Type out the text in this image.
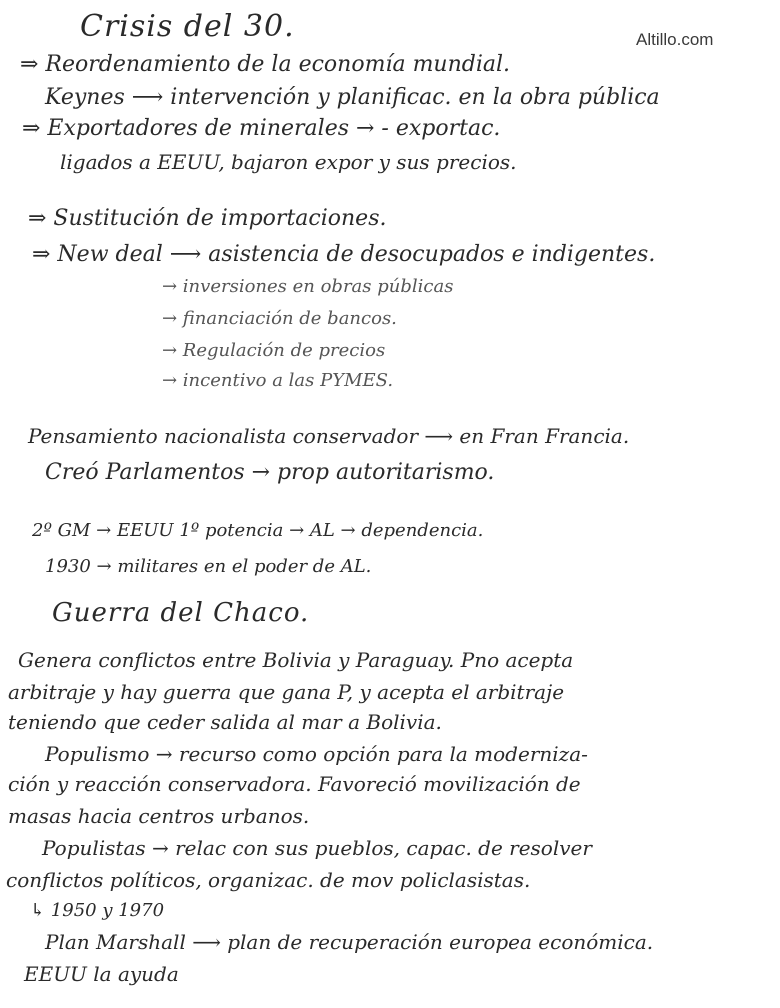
Altillo.com
Crisis del 30.
⇒ Reordenamiento de la economía mundial.
Keynes ⟶ intervención y planificac. en la obra pública
⇒ Exportadores de minerales → - exportac.
ligados a EEUU, bajaron expor y sus precios.
⇒ Sustitución de importaciones.
⇒ New deal ⟶ asistencia de desocupados e indigentes.
→ inversiones en obras públicas
→ financiación de bancos.
→ Regulación de precios
→ incentivo a las PYMES.
Pensamiento nacionalista conservador ⟶ en Fran Francia.
Creó Parlamentos → prop autoritarismo.
2º GM → EEUU 1º potencia → AL → dependencia.
1930 → militares en el poder de AL.
Guerra del Chaco.
Genera conflictos entre Bolivia y Paraguay. Pno acepta
arbitraje y hay guerra que gana P, y acepta el arbitraje
teniendo que ceder salida al mar a Bolivia.
Populismo → recurso como opción para la moderniza-
ción y reacción conservadora. Favoreció movilización de
masas hacia centros urbanos.
Populistas → relac con sus pueblos, capac. de resolver
conflictos políticos, organizac. de mov policlasistas.
↳ 1950 y 1970
Plan Marshall ⟶ plan de recuperación europea económica.
EEUU la ayuda
